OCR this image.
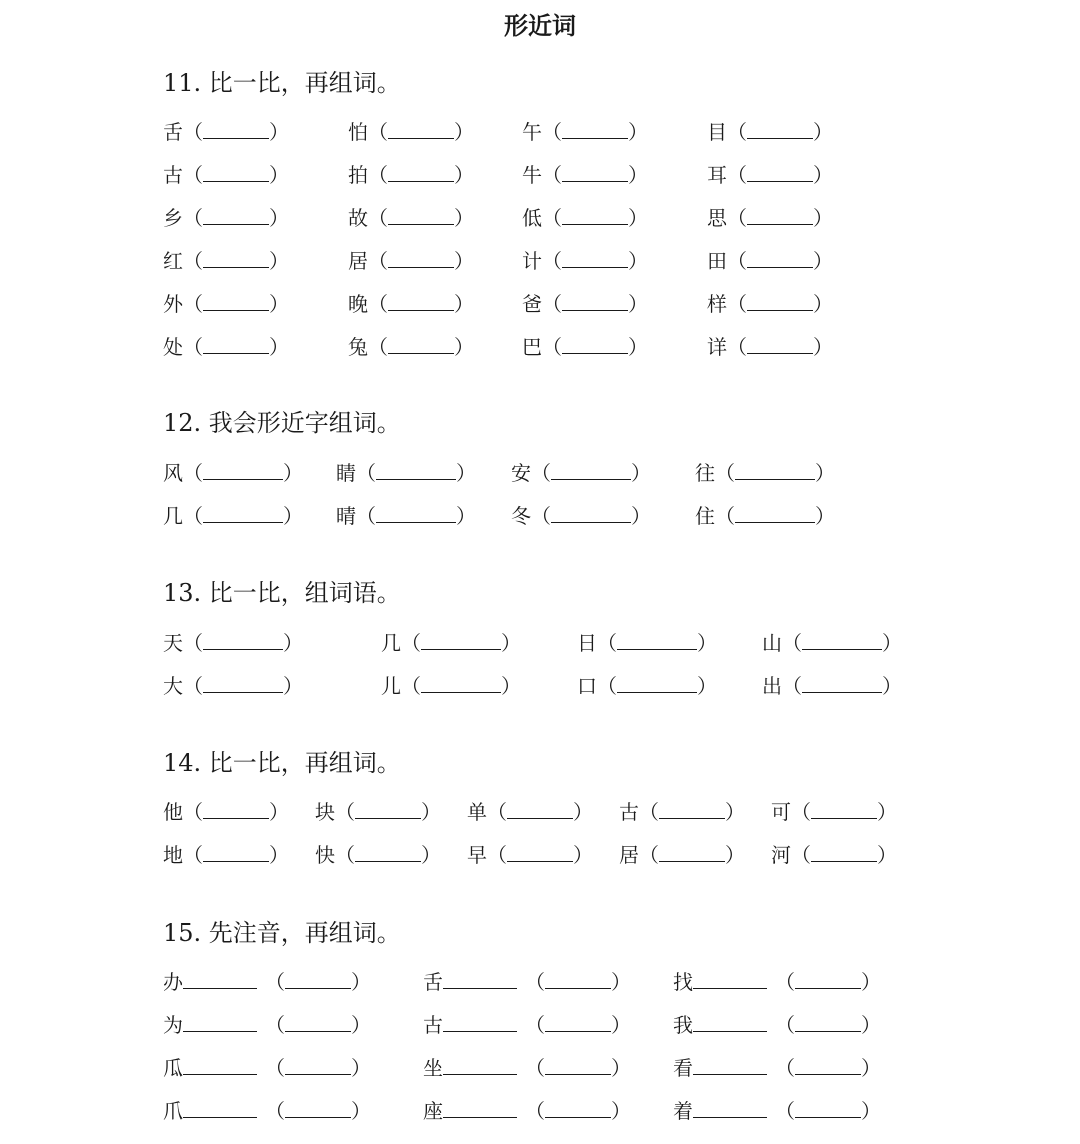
形近词
11. 比一比，再组词。
舌（	）	怕（	） 午（	）	目（	）
古（	）	拍（	） 牛（	）	耳（	）
乡（	）	故（	） 低（	）	思（	）
红（	）	居（	） 计（	）	田（	）
外（	）	晚（	） 爸（	）	样（	）
处（	）	兔（	） 巴（	）	详（	）
12. 我会形近字组词。
风（	） 睛（	） 安（	） 往（	）
几（	） 晴（	） 冬（	） 住（	）
13. 比一比，组词语。
天（	）	几（	）	日（	） 山（	）
大（	）	儿（	）	口（	） 出（	）
14. 比一比，再组词。
他（	） 块（	） 单（	） 古（	） 可（	）
地（	） 快（	） 早（	） 居（	） 河（	）
15. 先注音，再组词。
办	（	）	舌	（	） 找	（	）
为	（	）	古	（	） 我	（	）
瓜	（	）	坐	（	） 看	（	）
爪	（	）	座	（	） 着	（	）
